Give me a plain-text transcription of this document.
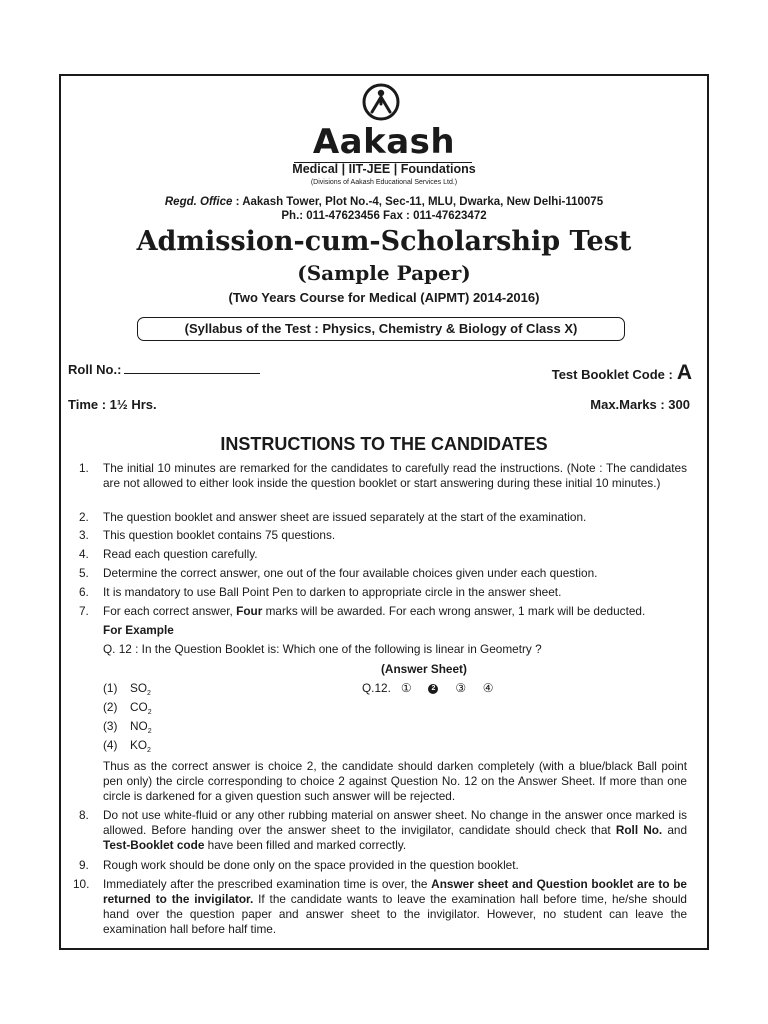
Aakash
Medical | IIT-JEE | Foundations
(Divisions of Aakash Educational Services Ltd.)
Regd. Office : Aakash Tower, Plot No.-4, Sec-11, MLU, Dwarka, New Delhi-110075
Ph.: 011-47623456 Fax : 011-47623472
Admission-cum-Scholarship Test
(Sample Paper)
(Two Years Course for Medical (AIPMT) 2014-2016)
(Syllabus of the Test : Physics, Chemistry & Biology of Class X)
Roll No.:	Test Booklet Code : A
Time : 1½ Hrs.	Max.Marks : 300
INSTRUCTIONS TO THE CANDIDATES
1.	The initial 10 minutes are remarked for the candidates to carefully read the instructions. (Note : The candidates are not allowed to either look inside the question booklet or start answering during these initial 10 minutes.)
2.	The question booklet and answer sheet are issued separately at the start of the examination.
3.	This question booklet contains 75 questions.
4.	Read each question carefully.
5.	Determine the correct answer, one out of the four available choices given under each question.
6.	It is mandatory to use Ball Point Pen to darken to appropriate circle in the answer sheet.
7.	For each correct answer, Four marks will be awarded. For each wrong answer, 1 mark will be deducted.
For Example
Q. 12 : In the Question Booklet is: Which one of the following is linear in Geometry ?
(Answer Sheet)
Q.12. ①	2 ③ ④
(1) $SO_2$
(2) $CO_2$
(3) $NO_2$
(4) $KO_2$
Thus as the correct answer is choice 2, the candidate should darken completely (with a blue/black Ball point pen only) the circle corresponding to choice 2 against Question No. 12 on the Answer Sheet. If more than one circle is darkened for a given question such answer will be rejected.
8.	Do not use white-fluid or any other rubbing material on answer sheet. No change in the answer once marked is allowed. Before handing over the answer sheet to the invigilator, candidate should check that Roll No. and Test-Booklet code have been filled and marked correctly.
9.	Rough work should be done only on the space provided in the question booklet.
10. Immediately after the prescribed examination time is over, the Answer sheet and Question booklet are to be returned to the invigilator. If the candidate wants to leave the examination hall before time, he/she should hand over the question paper and answer sheet to the invigilator. However, no student can leave the examination hall before half time.
